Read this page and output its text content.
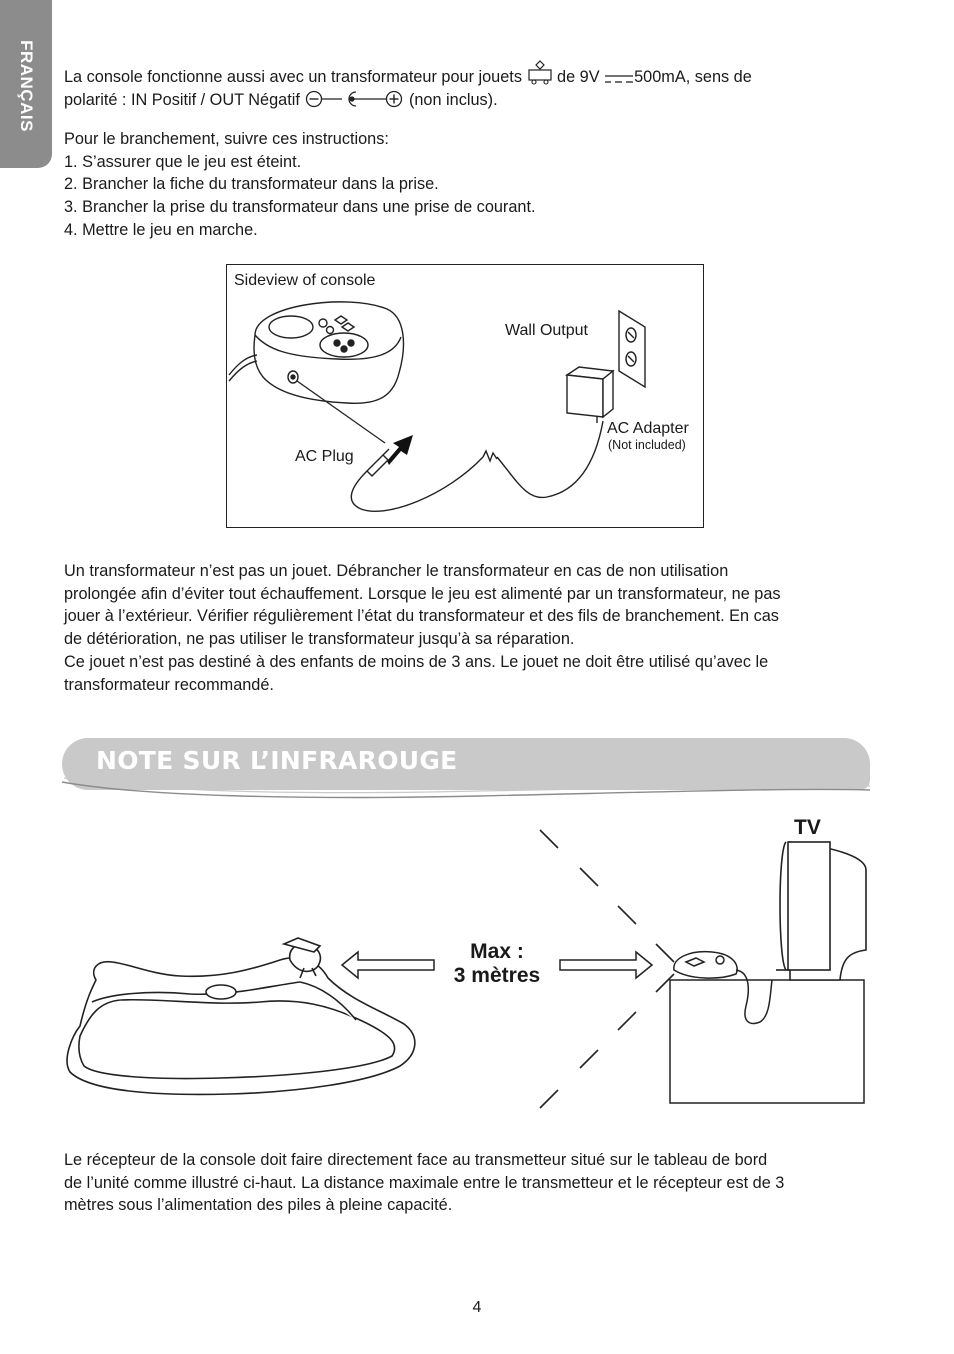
FRANÇAIS La console fonctionne aussi avec un transformateur pour jouets de 9V 500mA, sens de

polarité : IN Positif / OUT Négatif	(non inclus).

Pour le branchement, suivre ces instructions:

1. S’assurer que le jeu est éteint.

2. Brancher la fiche du transformateur dans la prise.

3. Brancher la prise du transformateur dans une prise de courant.

4. Mettre le jeu en marche.

Sideview of console
Wall Output
AC Adapter
(Not included)
AC Plug

Un transformateur n’est pas un jouet. Débrancher le transformateur en cas de non utilisation

prolongée afin d’éviter tout échauffement. Lorsque le jeu est alimenté par un transformateur, ne pas

jouer à l’extérieur. Vérifier régulièrement l’état du transformateur et des fils de branchement. En cas

de détérioration, ne pas utiliser le transformateur jusqu’à sa réparation.

Ce jouet n’est pas destiné à des enfants de moins de 3 ans. Le jouet ne doit être utilisé qu’avec le

transformateur recommandé.

NOTE SUR L’INFRAROUGE
TV
Max :
3 mètres

Le récepteur de la console doit faire directement face au transmetteur situé sur le tableau de bord

de l’unité comme illustré ci-haut. La distance maximale entre le transmetteur et le récepteur est de 3

mètres sous l’alimentation des piles à pleine capacité.

4
